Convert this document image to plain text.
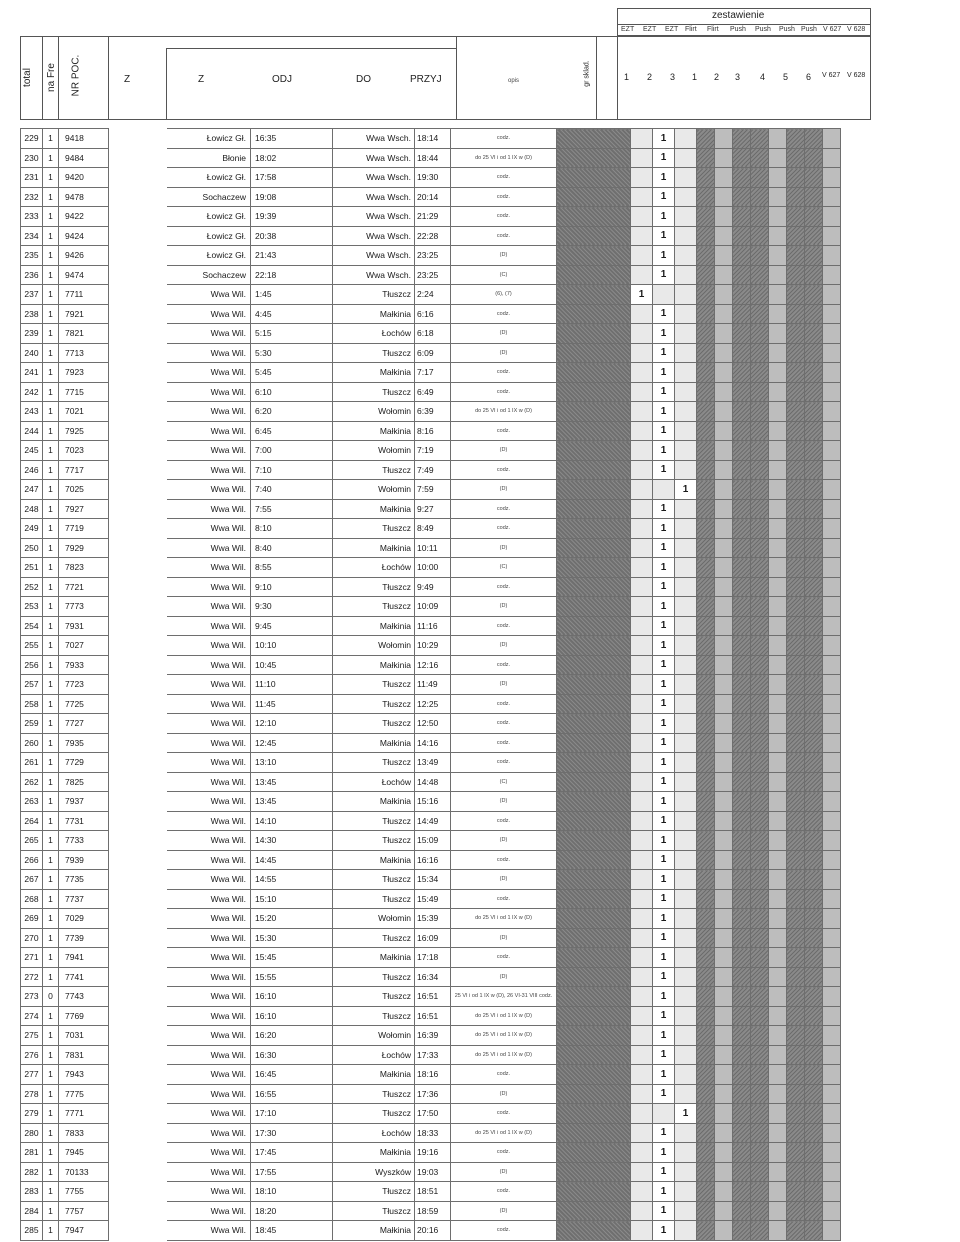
zestawienie
EZT EZT EZT Flirt Flirt Push Push Push Push V 627 V 628
total na Fre NR POC.	Z	Z	ODJ	DO	PRZYJ	opis	gr sklad.	1 2 3 1 2 3 4 5 6 V 627 V 628
229	1	9418		Łowicz Gł.	16:35	Wwa Wsch.	18:14	codz.			1									
230	1	9484		Błonie	18:02	Wwa Wsch.	18:44	do 25 VI i od 1 IX w (D)			1									
231	1	9420		Łowicz Gł.	17:58	Wwa Wsch.	19:30	codz.			1									
232	1	9478		Sochaczew	19:08	Wwa Wsch.	20:14	codz.			1									
233	1	9422		Łowicz Gł.	19:39	Wwa Wsch.	21:29	codz.			1									
234	1	9424		Łowicz Gł.	20:38	Wwa Wsch.	22:28	codz.			1									
235	1	9426		Łowicz Gł.	21:43	Wwa Wsch.	23:25	(D)			1									
236	1	9474		Sochaczew	22:18	Wwa Wsch.	23:25	(C)			1									
237	1	7711		Wwa Wil.	1:45	Tłuszcz	2:24	(6), (7)		1										
238	1	7921		Wwa Wil.	4:45	Małkinia	6:16	codz.			1									
239	1	7821		Wwa Wil.	5:15	Łochów	6:18	(D)			1									
240	1	7713		Wwa Wil.	5:30	Tłuszcz	6:09	(D)			1									
241	1	7923		Wwa Wil.	5:45	Małkinia	7:17	codz.			1									
242	1	7715		Wwa Wil.	6:10	Tłuszcz	6:49	codz.			1									
243	1	7021		Wwa Wil.	6:20	Wołomin	6:39	do 25 VI i od 1 IX w (D)			1									
244	1	7925		Wwa Wil.	6:45	Małkinia	8:16	codz.			1									
245	1	7023		Wwa Wil.	7:00	Wołomin	7:19	(D)			1									
246	1	7717		Wwa Wil.	7:10	Tłuszcz	7:49	codz.			1									
247	1	7025		Wwa Wil.	7:40	Wołomin	7:59	(D)				1								
248	1	7927		Wwa Wil.	7:55	Małkinia	9:27	codz.			1									
249	1	7719		Wwa Wil.	8:10	Tłuszcz	8:49	codz.			1									
250	1	7929		Wwa Wil.	8:40	Małkinia	10:11	(D)			1									
251	1	7823		Wwa Wil.	8:55	Łochów	10:00	(C)			1									
252	1	7721		Wwa Wil.	9:10	Tłuszcz	9:49	codz.			1									
253	1	7773		Wwa Wil.	9:30	Tłuszcz	10:09	(D)			1									
254	1	7931		Wwa Wil.	9:45	Małkinia	11:16	codz.			1									
255	1	7027		Wwa Wil.	10:10	Wołomin	10:29	(D)			1									
256	1	7933		Wwa Wil.	10:45	Małkinia	12:16	codz.			1									
257	1	7723		Wwa Wil.	11:10	Tłuszcz	11:49	(D)			1									
258	1	7725		Wwa Wil.	11:45	Tłuszcz	12:25	codz.			1									
259	1	7727		Wwa Wil.	12:10	Tłuszcz	12:50	codz.			1									
260	1	7935		Wwa Wil.	12:45	Małkinia	14:16	codz.			1									
261	1	7729		Wwa Wil.	13:10	Tłuszcz	13:49	codz.			1									
262	1	7825		Wwa Wil.	13:45	Łochów	14:48	(C)			1									
263	1	7937		Wwa Wil.	13:45	Małkinia	15:16	(D)			1									
264	1	7731		Wwa Wil.	14:10	Tłuszcz	14:49	codz.			1									
265	1	7733		Wwa Wil.	14:30	Tłuszcz	15:09	(D)			1									
266	1	7939		Wwa Wil.	14:45	Małkinia	16:16	codz.			1									
267	1	7735		Wwa Wil.	14:55	Tłuszcz	15:34	(D)			1									
268	1	7737		Wwa Wil.	15:10	Tłuszcz	15:49	codz.			1									
269	1	7029		Wwa Wil.	15:20	Wołomin	15:39	do 25 VI i od 1 IX w (D)			1									
270	1	7739		Wwa Wil.	15:30	Tłuszcz	16:09	(D)			1									
271	1	7941		Wwa Wil.	15:45	Małkinia	17:18	codz.			1									
272	1	7741		Wwa Wil.	15:55	Tłuszcz	16:34	(D)			1									
273	0	7743		Wwa Wil.	16:10	Tłuszcz	16:51	25 VI i od 1 IX w (D), 26 VI-31 VIII codz.			1									
274	1	7769		Wwa Wil.	16:10	Tłuszcz	16:51	do 25 VI i od 1 IX w (D)			1									
275	1	7031		Wwa Wil.	16:20	Wołomin	16:39	do 25 VI i od 1 IX w (D)			1									
276	1	7831		Wwa Wil.	16:30	Łochów	17:33	do 25 VI i od 1 IX w (D)			1									
277	1	7943		Wwa Wil.	16:45	Małkinia	18:16	codz.			1									
278	1	7775		Wwa Wil.	16:55	Tłuszcz	17:36	(D)			1									
279	1	7771		Wwa Wil.	17:10	Tłuszcz	17:50	codz.				1								
280	1	7833		Wwa Wil.	17:30	Łochów	18:33	do 25 VI i od 1 IX w (D)			1									
281	1	7945		Wwa Wil.	17:45	Małkinia	19:16	codz.			1									
282	1	70133		Wwa Wil.	17:55	Wyszków	19:03	(D)			1									
283	1	7755		Wwa Wil.	18:10	Tłuszcz	18:51	codz.			1									
284	1	7757		Wwa Wil.	18:20	Tłuszcz	18:59	(D)			1									
285	1	7947		Wwa Wil.	18:45	Małkinia	20:16	codz.			1									
